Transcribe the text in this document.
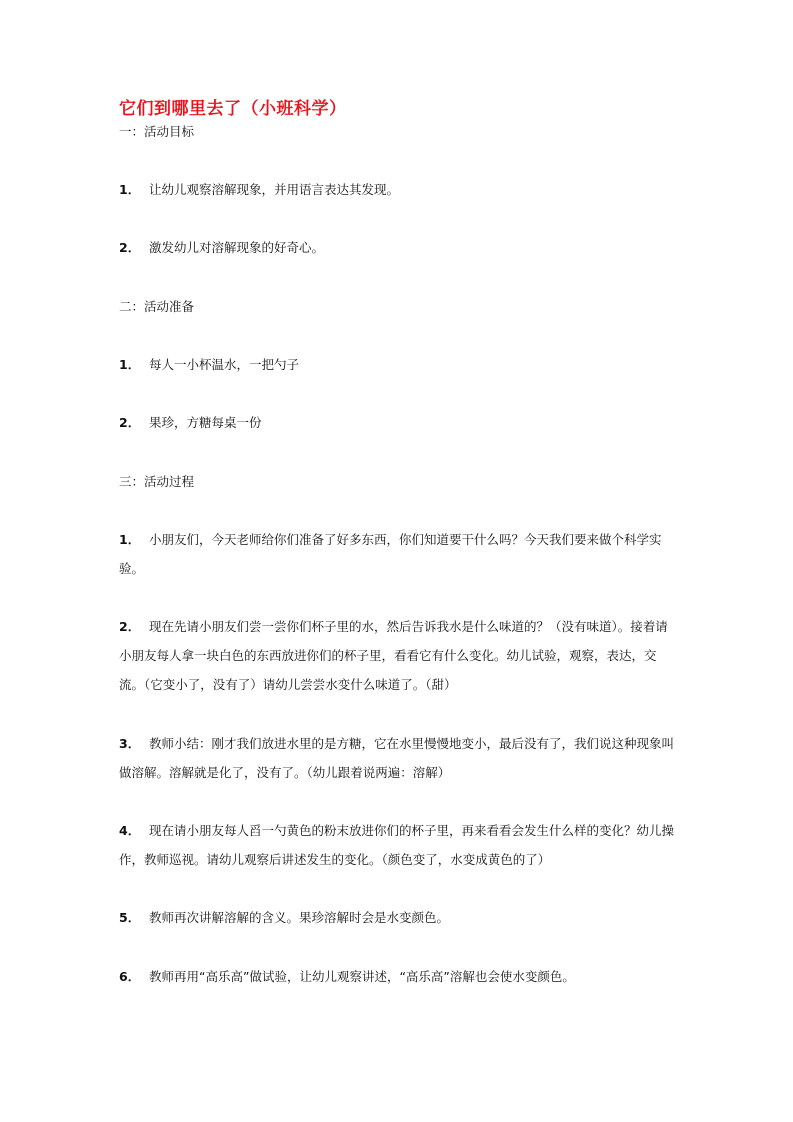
它们到哪里去了（小班科学）
一：活动目标
1． 让幼儿观察溶解现象，并用语言表达其发现。
2． 激发幼儿对溶解现象的好奇心。
二：活动准备
1． 每人一小杯温水，一把勺子
2． 果珍，方糖每桌一份
三：活动过程
1． 小朋友们，今天老师给你们准备了好多东西，你们知道要干什么吗？今天我们要来做个科学实验。
2． 现在先请小朋友们尝一尝你们杯子里的水，然后告诉我水是什么味道的？（没有味道）。接着请小朋友每人拿一块白色的东西放进你们的杯子里，看看它有什么变化。幼儿试验，观察，表达，交流。（它变小了，没有了）请幼儿尝尝水变什么味道了。（甜）
3． 教师小结：刚才我们放进水里的是方糖，它在水里慢慢地变小，最后没有了，我们说这种现象叫做溶解。溶解就是化了，没有了。（幼儿跟着说两遍：溶解）
4． 现在请小朋友每人舀一勺黄色的粉末放进你们的杯子里，再来看看会发生什么样的变化？幼儿操作，教师巡视。请幼儿观察后讲述发生的变化。（颜色变了，水变成黄色的了）
5． 教师再次讲解溶解的含义。果珍溶解时会是水变颜色。
6． 教师再用“高乐高”做试验，让幼儿观察讲述，“高乐高”溶解也会使水变颜色。
